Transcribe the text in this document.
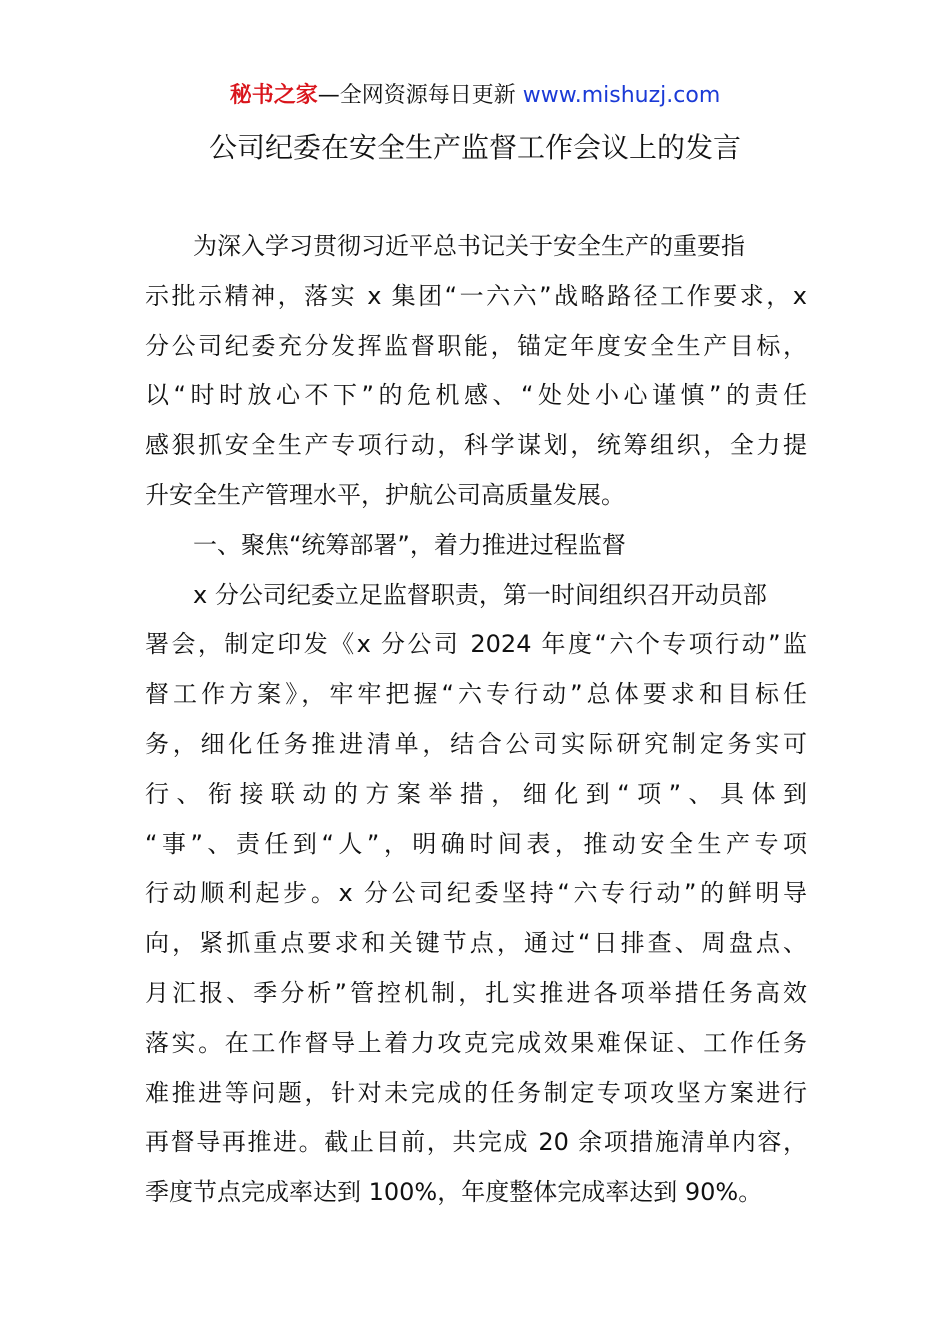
秘书之家—全网资源每日更新 www.mishuzj.com
公司纪委在安全生产监督工作会议上的发言
为深入学习贯彻习近平总书记关于安全生产的重要指
示批示精神，落实 x 集团“一六六”战略路径工作要求，x
分公司纪委充分发挥监督职能，锚定年度安全生产目标，
以“时时放心不下”的危机感、“处处小心谨慎”的责任
感狠抓安全生产专项行动，科学谋划，统筹组织，全力提
升安全生产管理水平，护航公司高质量发展。
一、聚焦“统筹部署”，着力推进过程监督
x 分公司纪委立足监督职责，第一时间组织召开动员部
署会，制定印发《x 分公司 2024 年度“六个专项行动”监
督工作方案》，牢牢把握“六专行动”总体要求和目标任
务，细化任务推进清单，结合公司实际研究制定务实可
行、衔接联动的方案举措，细化到“项”、具体到
“事”、责任到“人”，明确时间表，推动安全生产专项
行动顺利起步。x 分公司纪委坚持“六专行动”的鲜明导
向，紧抓重点要求和关键节点，通过“日排查、周盘点、
月汇报、季分析”管控机制，扎实推进各项举措任务高效
落实。在工作督导上着力攻克完成效果难保证、工作任务
难推进等问题，针对未完成的任务制定专项攻坚方案进行
再督导再推进。截止目前，共完成 20 余项措施清单内容，
季度节点完成率达到 100%，年度整体完成率达到 90%。
